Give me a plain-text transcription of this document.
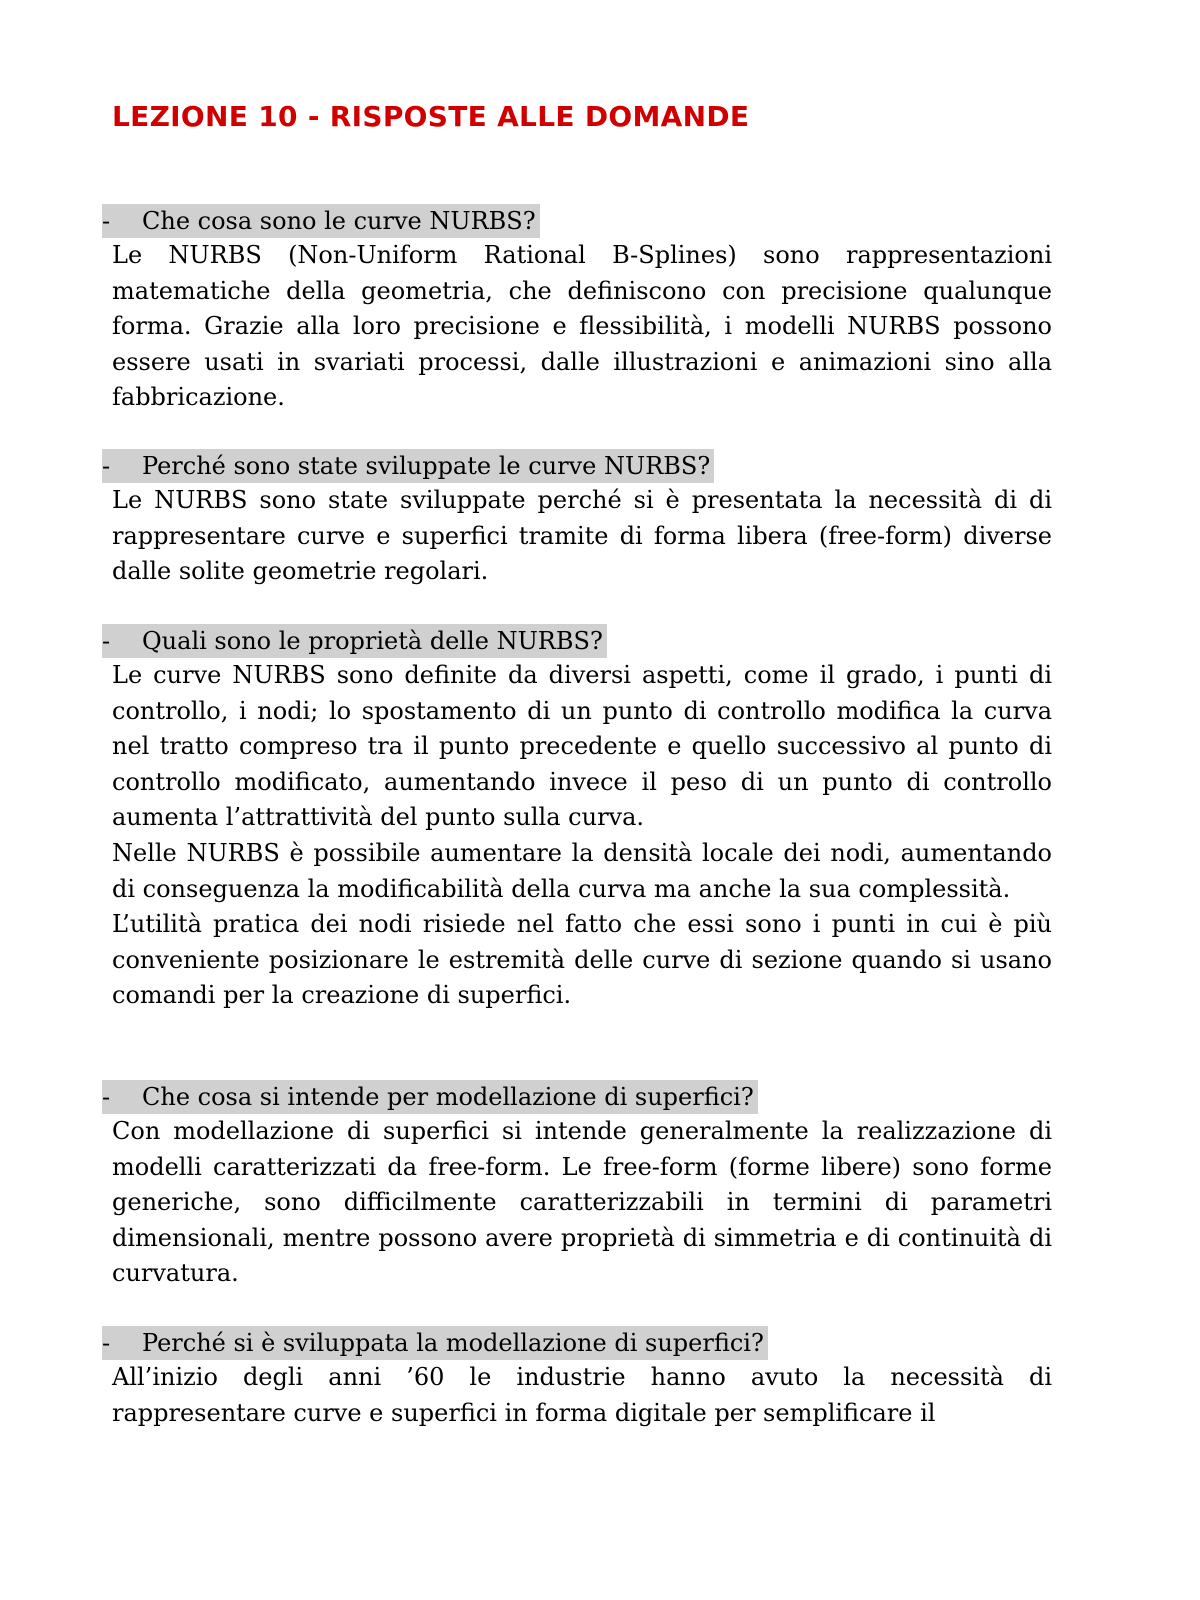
LEZIONE 10 - RISPOSTE ALLE DOMANDE
- Che cosa sono le curve NURBS?

Le NURBS (Non-Uniform Rational B-Splines) sono rappresentazioni matematiche della geometria, che definiscono con precisione qualunque forma. Grazie alla loro precisione e flessibilità, i modelli NURBS possono essere usati in svariati processi, dalle illustrazioni e animazioni sino alla fabbricazione.

- Perché sono state sviluppate le curve NURBS?

Le NURBS sono state sviluppate perché si è presentata la necessità di di rappresentare curve e superfici tramite di forma libera (free-form) diverse dalle solite geometrie regolari.

- Quali sono le proprietà delle NURBS?

Le curve NURBS sono definite da diversi aspetti, come il grado, i punti di controllo, i nodi; lo spostamento di un punto di controllo modifica la curva nel tratto compreso tra il punto precedente e quello successivo al punto di controllo modificato, aumentando invece il peso di un punto di controllo aumenta l’attrattività del punto sulla curva.

Nelle NURBS è possibile aumentare la densità locale dei nodi, aumentando di conseguenza la modificabilità della curva ma anche la sua complessità.

L’utilità pratica dei nodi risiede nel fatto che essi sono i punti in cui è più conveniente posizionare le estremità delle curve di sezione quando si usano comandi per la creazione di superfici.

- Che cosa si intende per modellazione di superfici?

Con modellazione di superfici si intende generalmente la realizzazione di modelli caratterizzati da free-form. Le free-form (forme libere) sono forme generiche, sono difficilmente caratterizzabili in termini di parametri dimensionali, mentre possono avere proprietà di simmetria e di continuità di curvatura.

- Perché si è sviluppata la modellazione di superfici?

All’inizio degli anni ’60 le industrie hanno avuto la necessità di rappresentare curve e superfici in forma digitale per semplificare il
